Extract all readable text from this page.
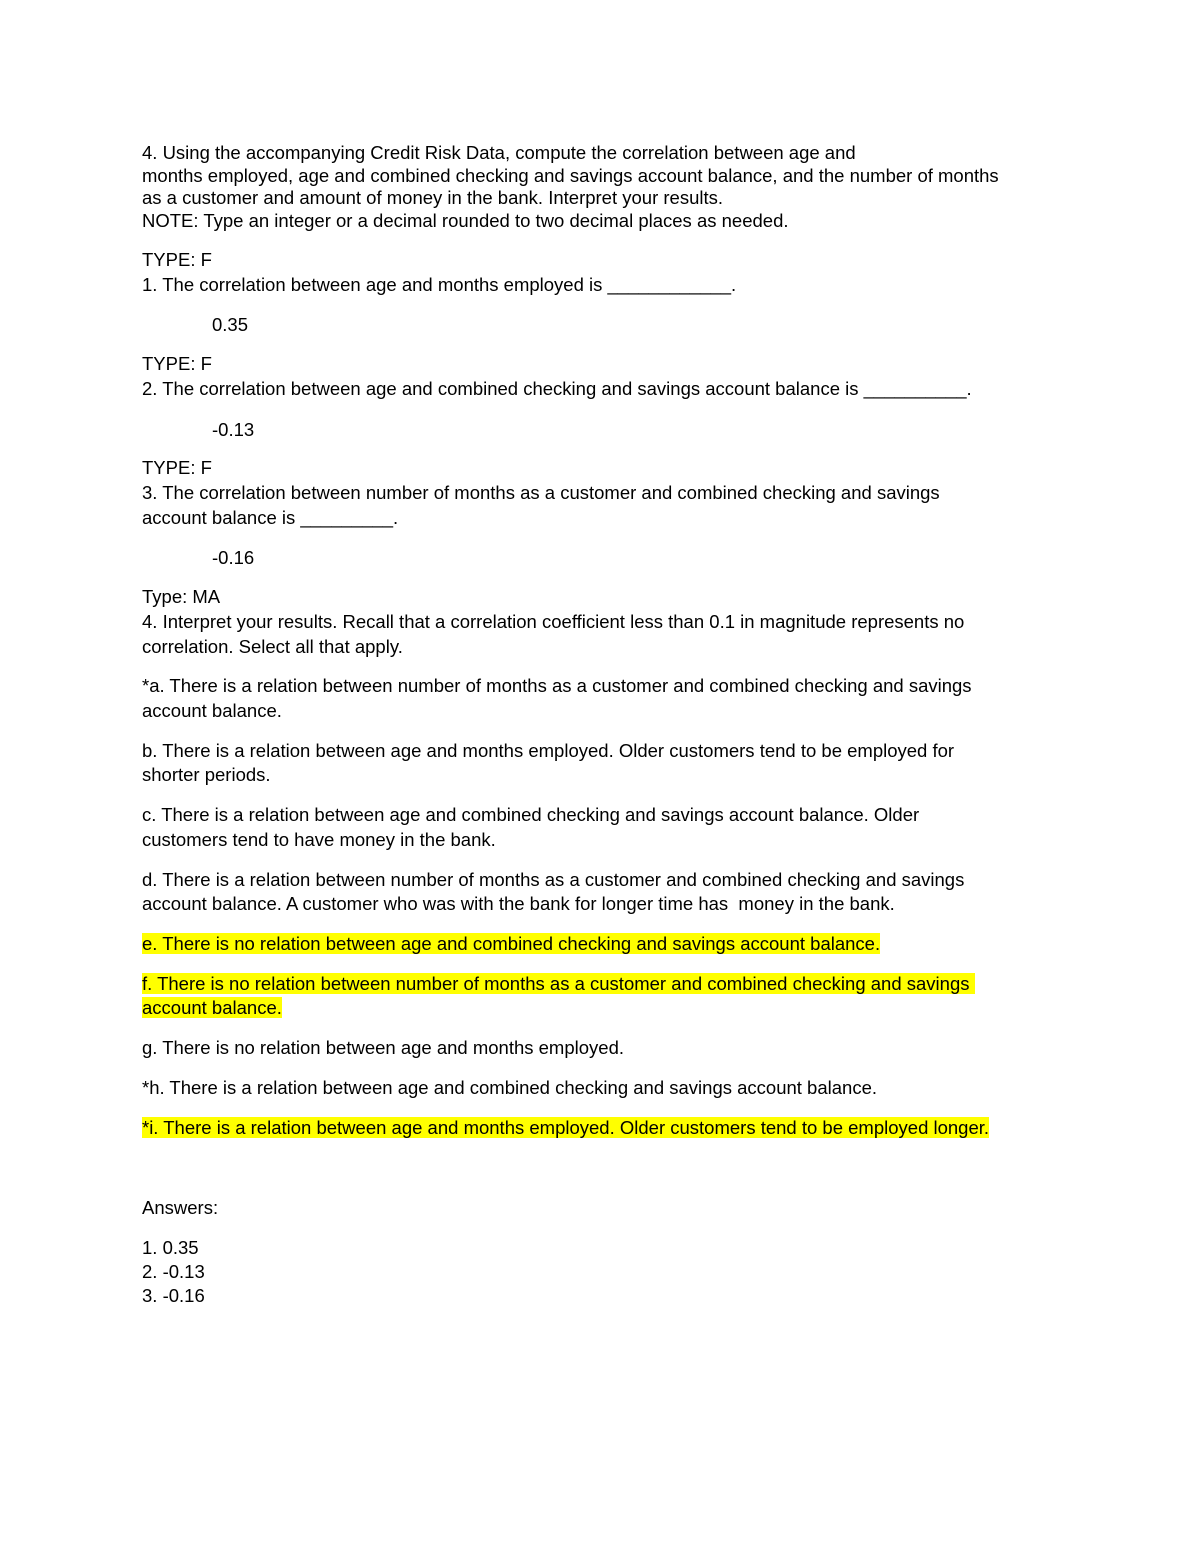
4. Using the accompanying Credit Risk Data, compute the correlation between age and
months employed, age and combined checking and savings account balance, and the number of months
as a customer and amount of money in the bank. Interpret your results.
NOTE: Type an integer or a decimal rounded to two decimal places as needed.
TYPE: F
1. The correlation between age and months employed is ____________.
0.35
TYPE: F
2. The correlation between age and combined checking and savings account balance is __________.
-0.13
TYPE: F
3. The correlation between number of months as a customer and combined checking and savings
account balance is _________.
-0.16
Type: MA
4. Interpret your results. Recall that a correlation coefficient less than 0.1 in magnitude represents no
correlation. Select all that apply.
*a. There is a relation between number of months as a customer and combined checking and savings
account balance.
b. There is a relation between age and months employed. Older customers tend to be employed for
shorter periods.
c. There is a relation between age and combined checking and savings account balance. Older
customers tend to have money in the bank.
d. There is a relation between number of months as a customer and combined checking and savings
account balance. A customer who was with the bank for longer time has  money in the bank.
e. There is no relation between age and combined checking and savings account balance.
f. There is no relation between number of months as a customer and combined checking and savings
account balance.
g. There is no relation between age and months employed.
*h. There is a relation between age and combined checking and savings account balance.
*i. There is a relation between age and months employed. Older customers tend to be employed longer.
Answers:
1. 0.35
2. -0.13
3. -0.16
